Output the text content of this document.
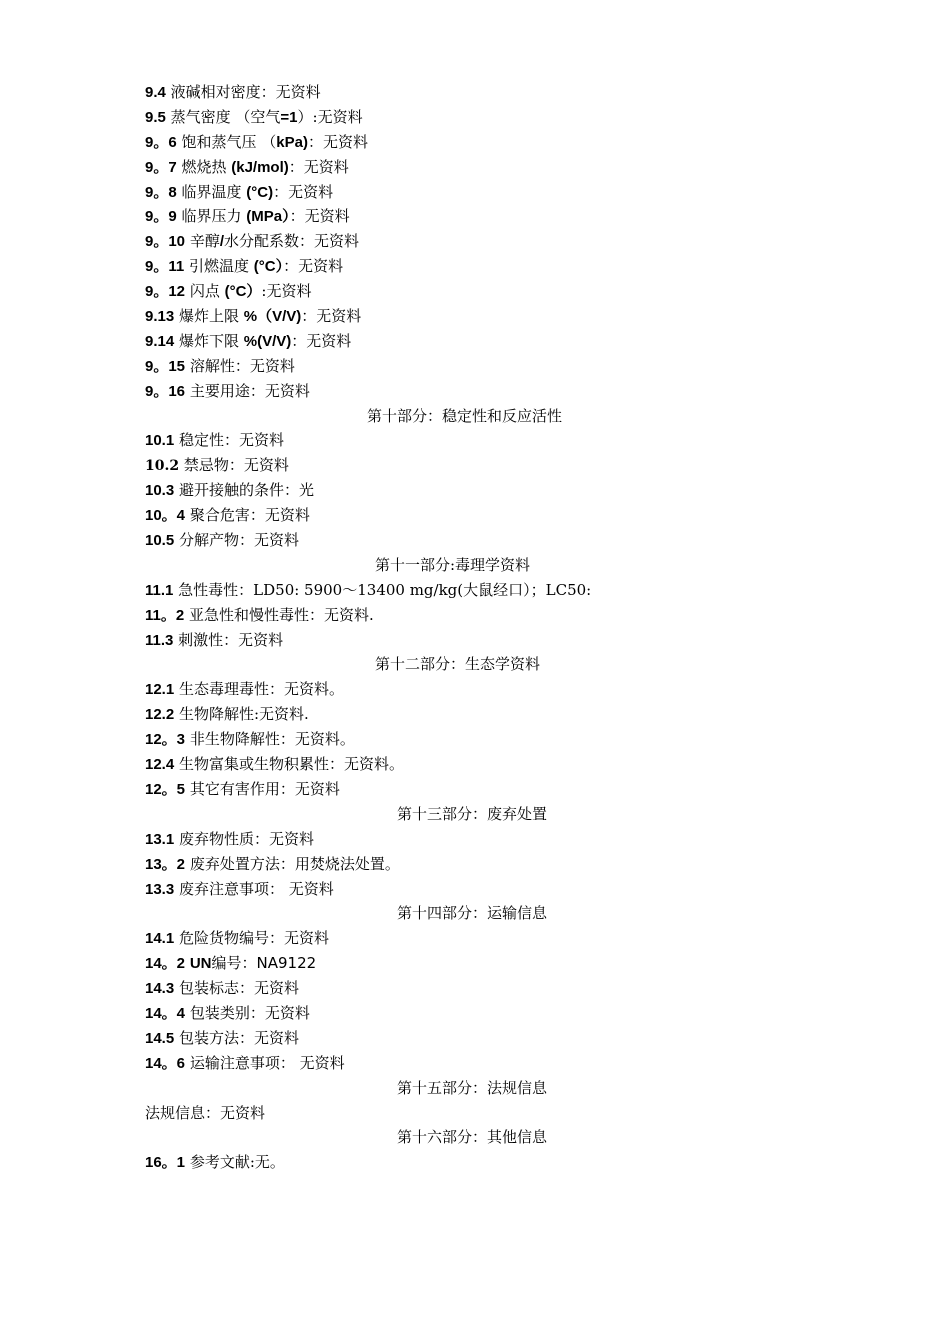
9.4 液碱相对密度：无资料
9.5 蒸气密度 （空气=1）:无资料
9。6 饱和蒸气压 （kPa)：无资料
9。7 燃烧热 (kJ/mol)：无资料
9。8 临界温度 (°C)：无资料
9。9 临界压力 (MPa）：无资料
9。10 辛醇/水分配系数：无资料
9。11 引燃温度 (°C）：无资料
9。12 闪点 (°C）:无资料
9.13 爆炸上限 %（V/V)：无资料
9.14 爆炸下限 %(V/V)：无资料
9。15 溶解性：无资料
9。16 主要用途：无资料
第十部分：稳定性和反应活性
10.1 稳定性：无资料
10.2 禁忌物：无资料
10.3 避开接触的条件：光
10。4 聚合危害：无资料
10.5 分解产物：无资料
第十一部分:毒理学资料
11.1 急性毒性：LD50: 5900～13400 mg/kg(大鼠经口）；LC50:
11。2 亚急性和慢性毒性：无资料.
11.3 刺激性：无资料
第十二部分：生态学资料
12.1 生态毒理毒性：无资料。
12.2 生物降解性:无资料.
12。3 非生物降解性：无资料。
12.4 生物富集或生物积累性：无资料。
12。5 其它有害作用：无资料
第十三部分：废弃处置
13.1 废弃物性质：无资料
13。2 废弃处置方法：用焚烧法处置。
13.3 废弃注意事项： 无资料
第十四部分：运输信息
14.1 危险货物编号：无资料
14。2 UN编号：NA9122
14.3 包装标志：无资料
14。4 包装类别：无资料
14.5 包装方法：无资料
14。6 运输注意事项： 无资料
第十五部分：法规信息
法规信息：无资料
第十六部分：其他信息
16。1 参考文献:无。
